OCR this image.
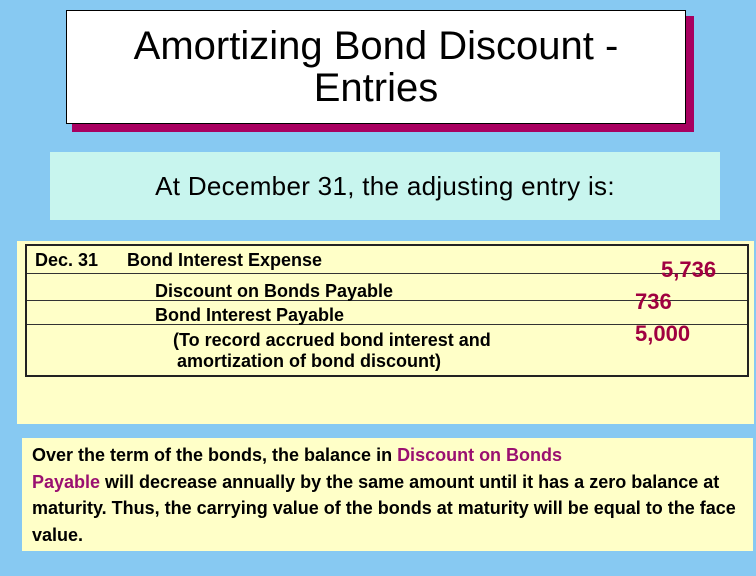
Amortizing Bond Discount -
Entries
At December 31, the adjusting entry is:
Dec. 31 Bond Interest Expense
Discount on Bonds Payable
Bond Interest Payable
(To record accrued bond interest and
amortization of bond discount)
5,736
736
5,000
Over the term of the bonds, the balance in Discount on Bonds
Payable will decrease annually by the same amount until it has a zero balance at maturity. Thus, the carrying value of the bonds at maturity will be equal to the face value.
